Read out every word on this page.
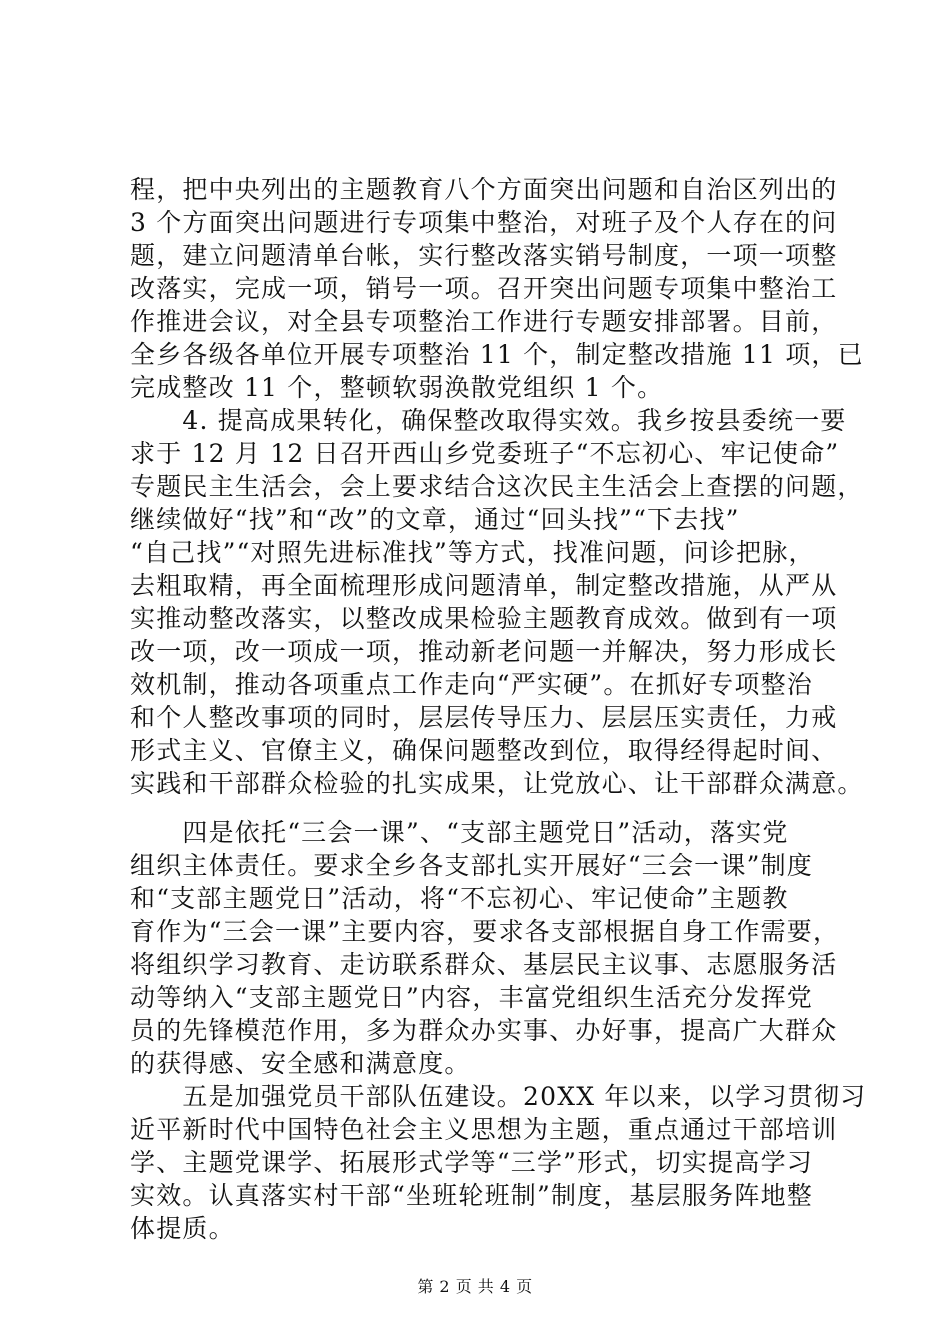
程，把中央列出的主题教育八个方面突出问题和自治区列出的
3 个方面突出问题进行专项集中整治，对班子及个人存在的问
题，建立问题清单台帐，实行整改落实销号制度，一项一项整
改落实，完成一项，销号一项。召开突出问题专项集中整治工
作推进会议，对全县专项整治工作进行专题安排部署。目前，
全乡各级各单位开展专项整治 11 个，制定整改措施 11 项，已
完成整改 11 个，整顿软弱涣散党组织 1 个。
　　4. 提高成果转化，确保整改取得实效。我乡按县委统一要
求于 12 月 12 日召开西山乡党委班子“不忘初心、牢记使命”
专题民主生活会，会上要求结合这次民主生活会上查摆的问题，
继续做好“找”和“改”的文章，通过“回头找”“下去找”
“自己找”“对照先进标准找”等方式，找准问题，问诊把脉，
去粗取精，再全面梳理形成问题清单，制定整改措施，从严从
实推动整改落实，以整改成果检验主题教育成效。做到有一项
改一项，改一项成一项，推动新老问题一并解决，努力形成长
效机制，推动各项重点工作走向“严实硬”。在抓好专项整治
和个人整改事项的同时，层层传导压力、层层压实责任，力戒
形式主义、官僚主义，确保问题整改到位，取得经得起时间、
实践和干部群众检验的扎实成果，让党放心、让干部群众满意。
　　四是依托“三会一课”、“支部主题党日”活动，落实党
组织主体责任。要求全乡各支部扎实开展好“三会一课”制度
和“支部主题党日”活动，将“不忘初心、牢记使命”主题教
育作为“三会一课”主要内容，要求各支部根据自身工作需要，
将组织学习教育、走访联系群众、基层民主议事、志愿服务活
动等纳入“支部主题党日”内容，丰富党组织生活充分发挥党
员的先锋模范作用，多为群众办实事、办好事，提高广大群众
的获得感、安全感和满意度。
　　五是加强党员干部队伍建设。20XX 年以来，以学习贯彻习
近平新时代中国特色社会主义思想为主题，重点通过干部培训
学、主题党课学、拓展形式学等“三学”形式，切实提高学习
实效。认真落实村干部“坐班轮班制”制度，基层服务阵地整
体提质。
第 2 页 共 4 页
